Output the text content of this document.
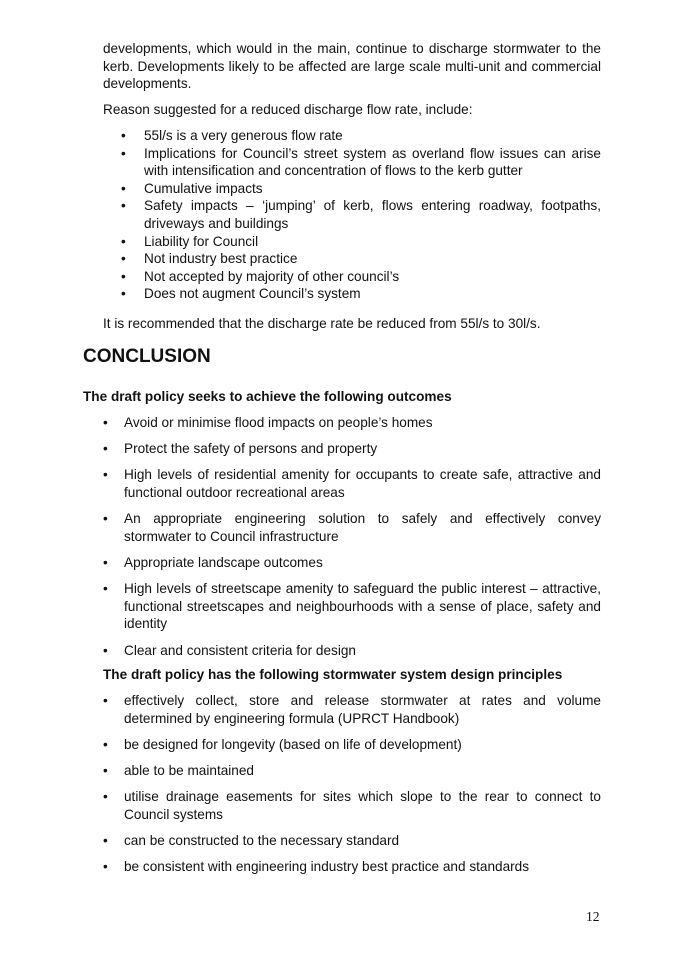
developments, which would in the main, continue to discharge stormwater to the kerb. Developments likely to be affected are large scale multi-unit and commercial developments.

Reason suggested for a reduced discharge flow rate, include:

• 55l/s is a very generous flow rate
• Implications for Council’s street system as overland flow issues can arise with intensification and concentration of flows to the kerb gutter
• Cumulative impacts
• Safety impacts – ‘jumping’ of kerb, flows entering roadway, footpaths, driveways and buildings
• Liability for Council
• Not industry best practice
• Not accepted by majority of other council’s
• Does not augment Council’s system

It is recommended that the discharge rate be reduced from 55l/s to 30l/s.

CONCLUSION
The draft policy seeks to achieve the following outcomes
• Avoid or minimise flood impacts on people’s homes
• Protect the safety of persons and property
• High levels of residential amenity for occupants to create safe, attractive and functional outdoor recreational areas
• An appropriate engineering solution to safely and effectively convey stormwater to Council infrastructure
• Appropriate landscape outcomes
• High levels of streetscape amenity to safeguard the public interest – attractive, functional streetscapes and neighbourhoods with a sense of place, safety and identity
• Clear and consistent criteria for design
The draft policy has the following stormwater system design principles
• effectively collect, store and release stormwater at rates and volume determined by engineering formula (UPRCT Handbook)
• be designed for longevity (based on life of development)
• able to be maintained
• utilise drainage easements for sites which slope to the rear to connect to Council systems
• can be constructed to the necessary standard
• be consistent with engineering industry best practice and standards
12
